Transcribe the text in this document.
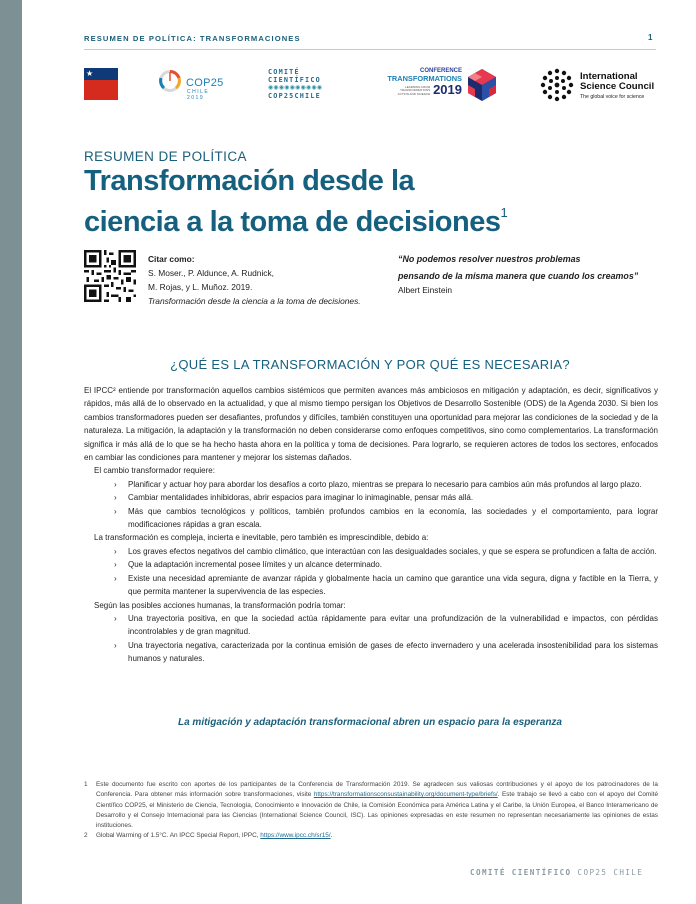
RESUMEN DE POLÍTICA: TRANSFORMACIONES	1
★
COP25
CHILE
2019
COMITÉ
CIENTÍFICO
◉◉◉◉◉◉◉◉◉◉
COP25CHILE
CONFERENCE
TRANSFORMATIONS
LEARNING FROM
TRANSFORMATIONS
ACTION AND SCIENCE 2019
International
Science Council
The global voice for science
RESUMEN DE POLÍTICA
Transformación desde la
ciencia a la toma de decisiones$^1$
Citar como:
S. Moser., P. Aldunce, A. Rudnick,
M. Rojas, y L. Muñoz. 2019.
Transformación desde la ciencia a la toma de decisiones.
“No podemos resolver nuestros problemas
pensando de la misma manera que cuando los creamos”
Albert Einstein
¿QUÉ ES LA TRANSFORMACIÓN Y POR QUÉ ES NECESARIA?

El IPCC² entiende por transformación aquellos cambios sistémicos que permiten avances más ambiciosos en mitigación y adaptación, es decir, significativos y rápidos, más allá de lo observado en la actualidad, y que al mismo tiempo persigan los Objetivos de Desarrollo Sostenible (ODS) de la Agenda 2030. Si bien los cambios transformadores pueden ser desafiantes, profundos y difíciles, también constituyen una oportunidad para mejorar las condiciones de la sociedad y de la naturaleza. La mitigación, la adaptación y la transformación no deben considerarse como enfoques competitivos, sino como complementarios. La transformación significa ir más allá de lo que se ha hecho hasta ahora en la política y toma de decisiones. Para lograrlo, se requieren actores de todos los sectores, enfocados en cambiar las condiciones para mantener y mejorar los sistemas dañados.

El cambio transformador requiere:

› Planificar y actuar hoy para abordar los desafíos a corto plazo, mientras se prepara lo necesario para cambios aún más profundos al largo plazo.
› Cambiar mentalidades inhibidoras, abrir espacios para imaginar lo inimaginable, pensar más allá.
› Más que cambios tecnológicos y políticos, también profundos cambios en la economía, las sociedades y el comportamiento, para lograr modificaciones rápidas a gran escala.

La transformación es compleja, incierta e inevitable, pero también es imprescindible, debido a:

› Los graves efectos negativos del cambio climático, que interactúan con las desigualdades sociales, y que se espera se profundicen a falta de acción.
› Que la adaptación incremental posee límites y un alcance determinado.
› Existe una necesidad apremiante de avanzar rápida y globalmente hacia un camino que garantice una vida segura, digna y factible en la Tierra, y que permita mantener la supervivencia de las especies.

Según las posibles acciones humanas, la transformación podría tomar:

› Una trayectoria positiva, en que la sociedad actúa rápidamente para evitar una profundización de la vulnerabilidad e impactos, con pérdidas incontrolables y de gran magnitud.
› Una trayectoria negativa, caracterizada por la continua emisión de gases de efecto invernadero y una acelerada insostenibilidad para los sistemas humanos y naturales.
La mitigación y adaptación transformacional abren un espacio para la esperanza
1 Este documento fue escrito con aportes de los participantes de la Conferencia de Transformación 2019. Se agradecen sus valiosas contribuciones y el apoyo de los patrocinadores de la Conferencia. Para obtener más información sobre transformaciones, visite https://transformationsconsustainability.org/document-type/briefs/. Este trabajo se llevó a cabo con el apoyo del Comité Científico COP25, el Ministerio de Ciencia, Tecnología, Conocimiento e Innovación de Chile, la Comisión Económica para América Latina y el Caribe, la Unión Europea, el Banco Interamericano de Desarrollo y el Consejo Internacional para las Ciencias (International Science Council, ISC). Las opiniones expresadas en este resumen no representan necesariamente las opiniones de estas instituciones.
2 Global Warming of 1.5°C. An IPCC Special Report, IPPC, https://www.ipcc.ch/sr15/.
COMITÉ CIENTÍFICO COP25 CHILE
